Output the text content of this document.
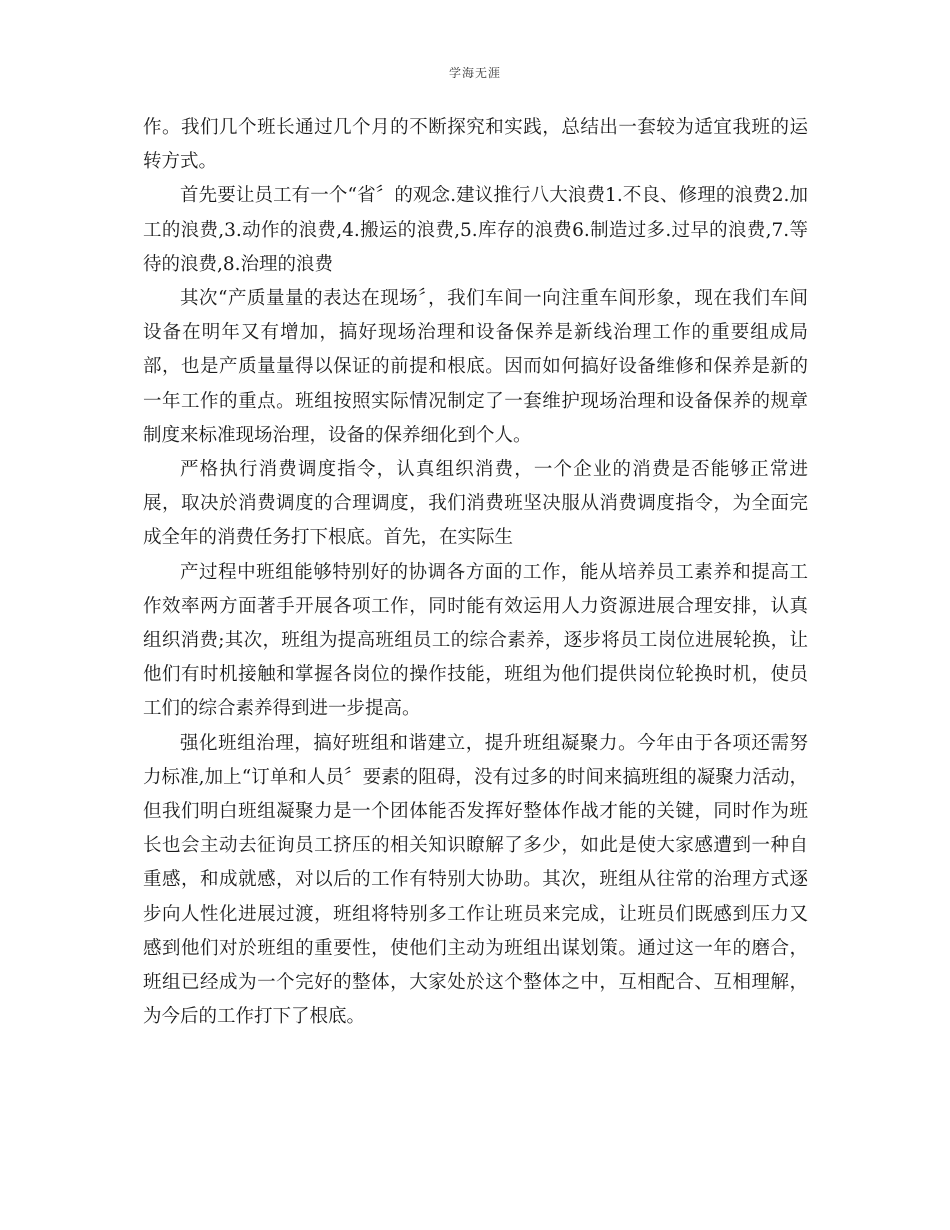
学海无涯

作。我们几个班长通过几个月的不断探究和实践，总结出一套较为适宜我班的运转方式。

首先要让员工有一个“省〞的观念.建议推行八大浪费1.不良、修理的浪费2.加工的浪费,3.动作的浪费,4.搬运的浪费,5.库存的浪费6.制造过多.过早的浪费,7.等待的浪费,8.治理的浪费

其次“产质量量的表达在现场〞，我们车间一向注重车间形象，现在我们车间设备在明年又有增加，搞好现场治理和设备保养是新线治理工作的重要组成局部，也是产质量量得以保证的前提和根底。因而如何搞好设备维修和保养是新的一年工作的重点。班组按照实际情况制定了一套维护现场治理和设备保养的规章制度来标准现场治理，设备的保养细化到个人。

严格执行消费调度指令，认真组织消费，一个企业的消费是否能够正常进展，取决於消费调度的合理调度，我们消费班坚决服从消费调度指令，为全面完成全年的消费任务打下根底。首先，在实际生

产过程中班组能够特别好的协调各方面的工作，能从培养员工素养和提高工作效率两方面著手开展各项工作，同时能有效运用人力资源进展合理安排，认真组织消费;其次，班组为提高班组员工的综合素养，逐步将员工岗位进展轮换，让他们有时机接触和掌握各岗位的操作技能，班组为他们提供岗位轮换时机，使员工们的综合素养得到进一步提高。

强化班组治理，搞好班组和谐建立，提升班组凝聚力。今年由于各项还需努力标准,加上“订单和人员〞要素的阻碍，没有过多的时间来搞班组的凝聚力活动，但我们明白班组凝聚力是一个团体能否发挥好整体作战才能的关键，同时作为班长也会主动去征询员工挤压的相关知识瞭解了多少，如此是使大家感遭到一种自重感，和成就感，对以后的工作有特别大协助。其次，班组从往常的治理方式逐步向人性化进展过渡，班组将特别多工作让班员来完成，让班员们既感到压力又感到他们对於班组的重要性，使他们主动为班组出谋划策。通过这一年的磨合，班组已经成为一个完好的整体，大家处於这个整体之中，互相配合、互相理解，为今后的工作打下了根底。
